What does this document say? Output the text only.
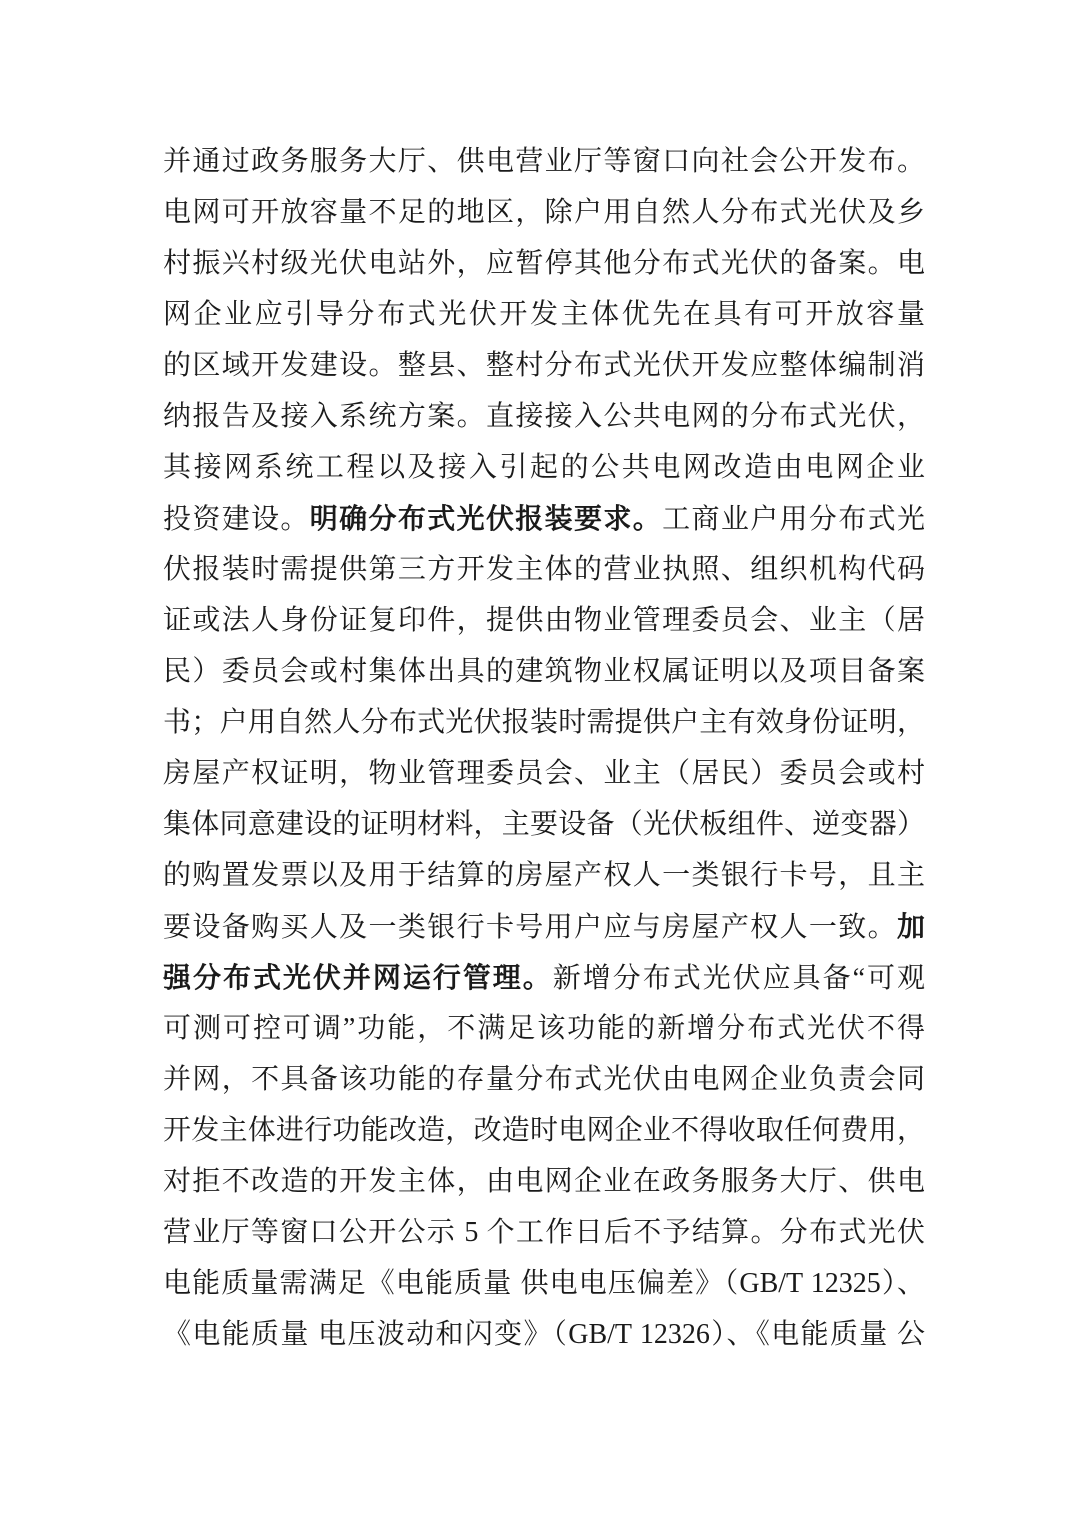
并通过政务服务大厅、供电营业厅等窗口向社会公开发布。
电网可开放容量不足的地区，除户用自然人分布式光伏及乡
村振兴村级光伏电站外，应暂停其他分布式光伏的备案。电
网企业应引导分布式光伏开发主体优先在具有可开放容量
的区域开发建设。整县、整村分布式光伏开发应整体编制消
纳报告及接入系统方案。直接接入公共电网的分布式光伏，
其接网系统工程以及接入引起的公共电网改造由电网企业
投资建设。明确分布式光伏报装要求。工商业户用分布式光
伏报装时需提供第三方开发主体的营业执照、组织机构代码
证或法人身份证复印件，提供由物业管理委员会、业主（居
民）委员会或村集体出具的建筑物业权属证明以及项目备案
书；户用自然人分布式光伏报装时需提供户主有效身份证明，
房屋产权证明，物业管理委员会、业主（居民）委员会或村
集体同意建设的证明材料，主要设备（光伏板组件、逆变器）
的购置发票以及用于结算的房屋产权人一类银行卡号，且主
要设备购买人及一类银行卡号用户应与房屋产权人一致。加
强分布式光伏并网运行管理。新增分布式光伏应具备“可观
可测可控可调”功能，不满足该功能的新增分布式光伏不得
并网，不具备该功能的存量分布式光伏由电网企业负责会同
开发主体进行功能改造，改造时电网企业不得收取任何费用，
对拒不改造的开发主体，由电网企业在政务服务大厅、供电
营业厅等窗口公开公示 5 个工作日后不予结算。分布式光伏
电能质量需满足《电能质量 供电电压偏差》（GB/T 12325）、
《电能质量 电压波动和闪变》（GB/T 12326）、《电能质量 公
